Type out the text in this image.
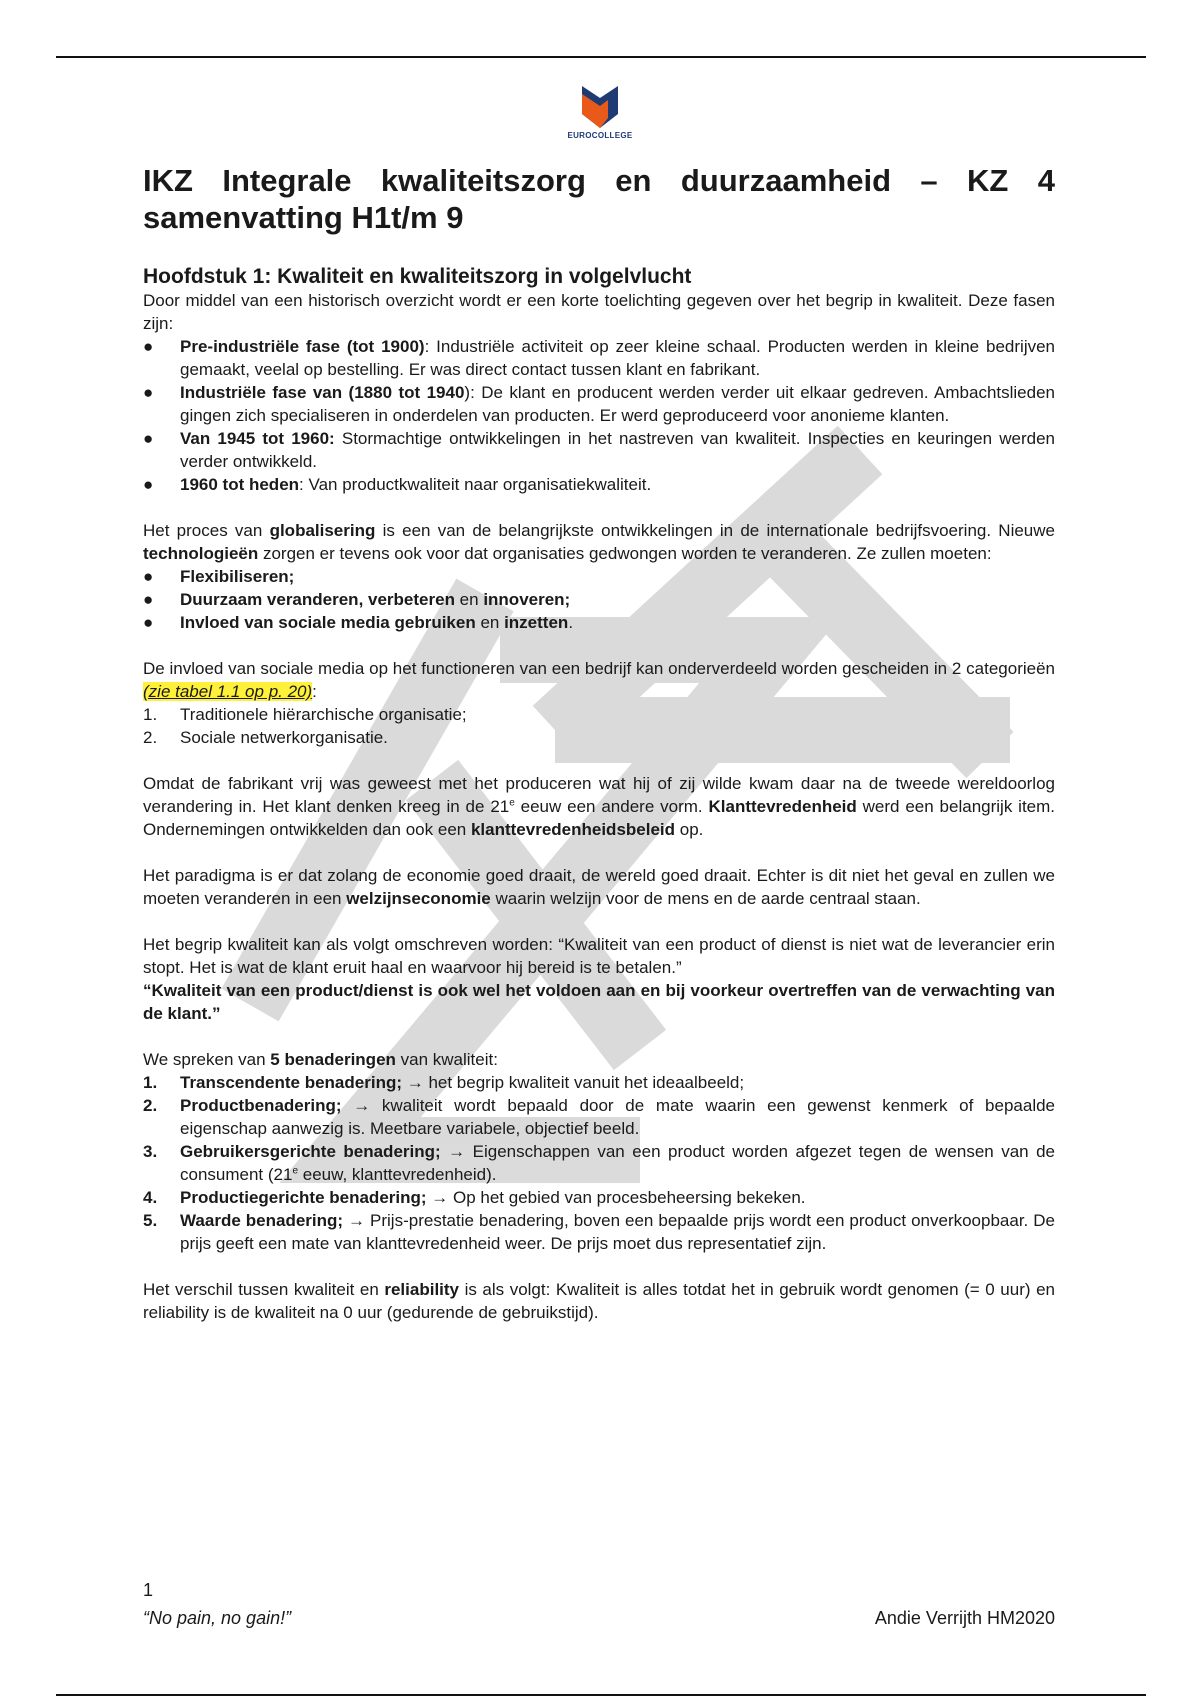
EUROCOLLEGE
IKZ Integrale kwaliteitszorg en duurzaamheid – KZ 4 samenvatting H1t/m 9
Hoofdstuk 1: Kwaliteit en kwaliteitszorg in volgelvlucht

Door middel van een historisch overzicht wordt er een korte toelichting gegeven over het begrip in kwaliteit. Deze fasen zijn:

●	Pre-industriële fase (tot 1900): Industriële activiteit op zeer kleine schaal. Producten werden in kleine bedrijven gemaakt, veelal op bestelling. Er was direct contact tussen klant en fabrikant.
●	Industriële fase van (1880 tot 1940): De klant en producent werden verder uit elkaar gedreven. Ambachtslieden gingen zich specialiseren in onderdelen van producten. Er werd geproduceerd voor anonieme klanten.
●	Van 1945 tot 1960: Stormachtige ontwikkelingen in het nastreven van kwaliteit. Inspecties en keuringen werden verder ontwikkeld.
●	1960 tot heden: Van productkwaliteit naar organisatiekwaliteit.

Het proces van globalisering is een van de belangrijkste ontwikkelingen in de internationale bedrijfsvoering. Nieuwe technologieën zorgen er tevens ook voor dat organisaties gedwongen worden te veranderen. Ze zullen moeten:

●	Flexibiliseren;
●	Duurzaam veranderen, verbeteren en innoveren;
●	Invloed van sociale media gebruiken en inzetten.

De invloed van sociale media op het functioneren van een bedrijf kan onderverdeeld worden gescheiden in 2 categorieën (zie tabel 1.1 op p. 20):

1.	Traditionele hiërarchische organisatie;
2.	Sociale netwerkorganisatie.

Omdat de fabrikant vrij was geweest met het produceren wat hij of zij wilde kwam daar na de tweede wereldoorlog verandering in. Het klant denken kreeg in de 21e eeuw een andere vorm. Klanttevredenheid werd een belangrijk item. Ondernemingen ontwikkelden dan ook een klanttevredenheidsbeleid op.

Het paradigma is er dat zolang de economie goed draait, de wereld goed draait. Echter is dit niet het geval en zullen we moeten veranderen in een welzijnseconomie waarin welzijn voor de mens en de aarde centraal staan.

Het begrip kwaliteit kan als volgt omschreven worden: “Kwaliteit van een product of dienst is niet wat de leverancier erin stopt. Het is wat de klant eruit haal en waarvoor hij bereid is te betalen.”

“Kwaliteit van een product/dienst is ook wel het voldoen aan en bij voorkeur overtreffen van de verwachting van de klant.”

We spreken van 5 benaderingen van kwaliteit:

1.	Transcendente benadering; → het begrip kwaliteit vanuit het ideaalbeeld;
2.	Productbenadering; → kwaliteit wordt bepaald door de mate waarin een gewenst kenmerk of bepaalde eigenschap aanwezig is. Meetbare variabele, objectief beeld.
3.	Gebruikersgerichte benadering; → Eigenschappen van een product worden afgezet tegen de wensen van de consument (21e eeuw, klanttevredenheid).
4.	Productiegerichte benadering; → Op het gebied van procesbeheersing bekeken.
5.	Waarde benadering; → Prijs-prestatie benadering, boven een bepaalde prijs wordt een product onverkoopbaar. De prijs geeft een mate van klanttevredenheid weer. De prijs moet dus representatief zijn.

Het verschil tussen kwaliteit en reliability is als volgt: Kwaliteit is alles totdat het in gebruik wordt genomen (= 0 uur) en reliability is de kwaliteit na 0 uur (gedurende de gebruikstijd).

1
“No pain, no gain!”	Andie Verrijth HM2020
